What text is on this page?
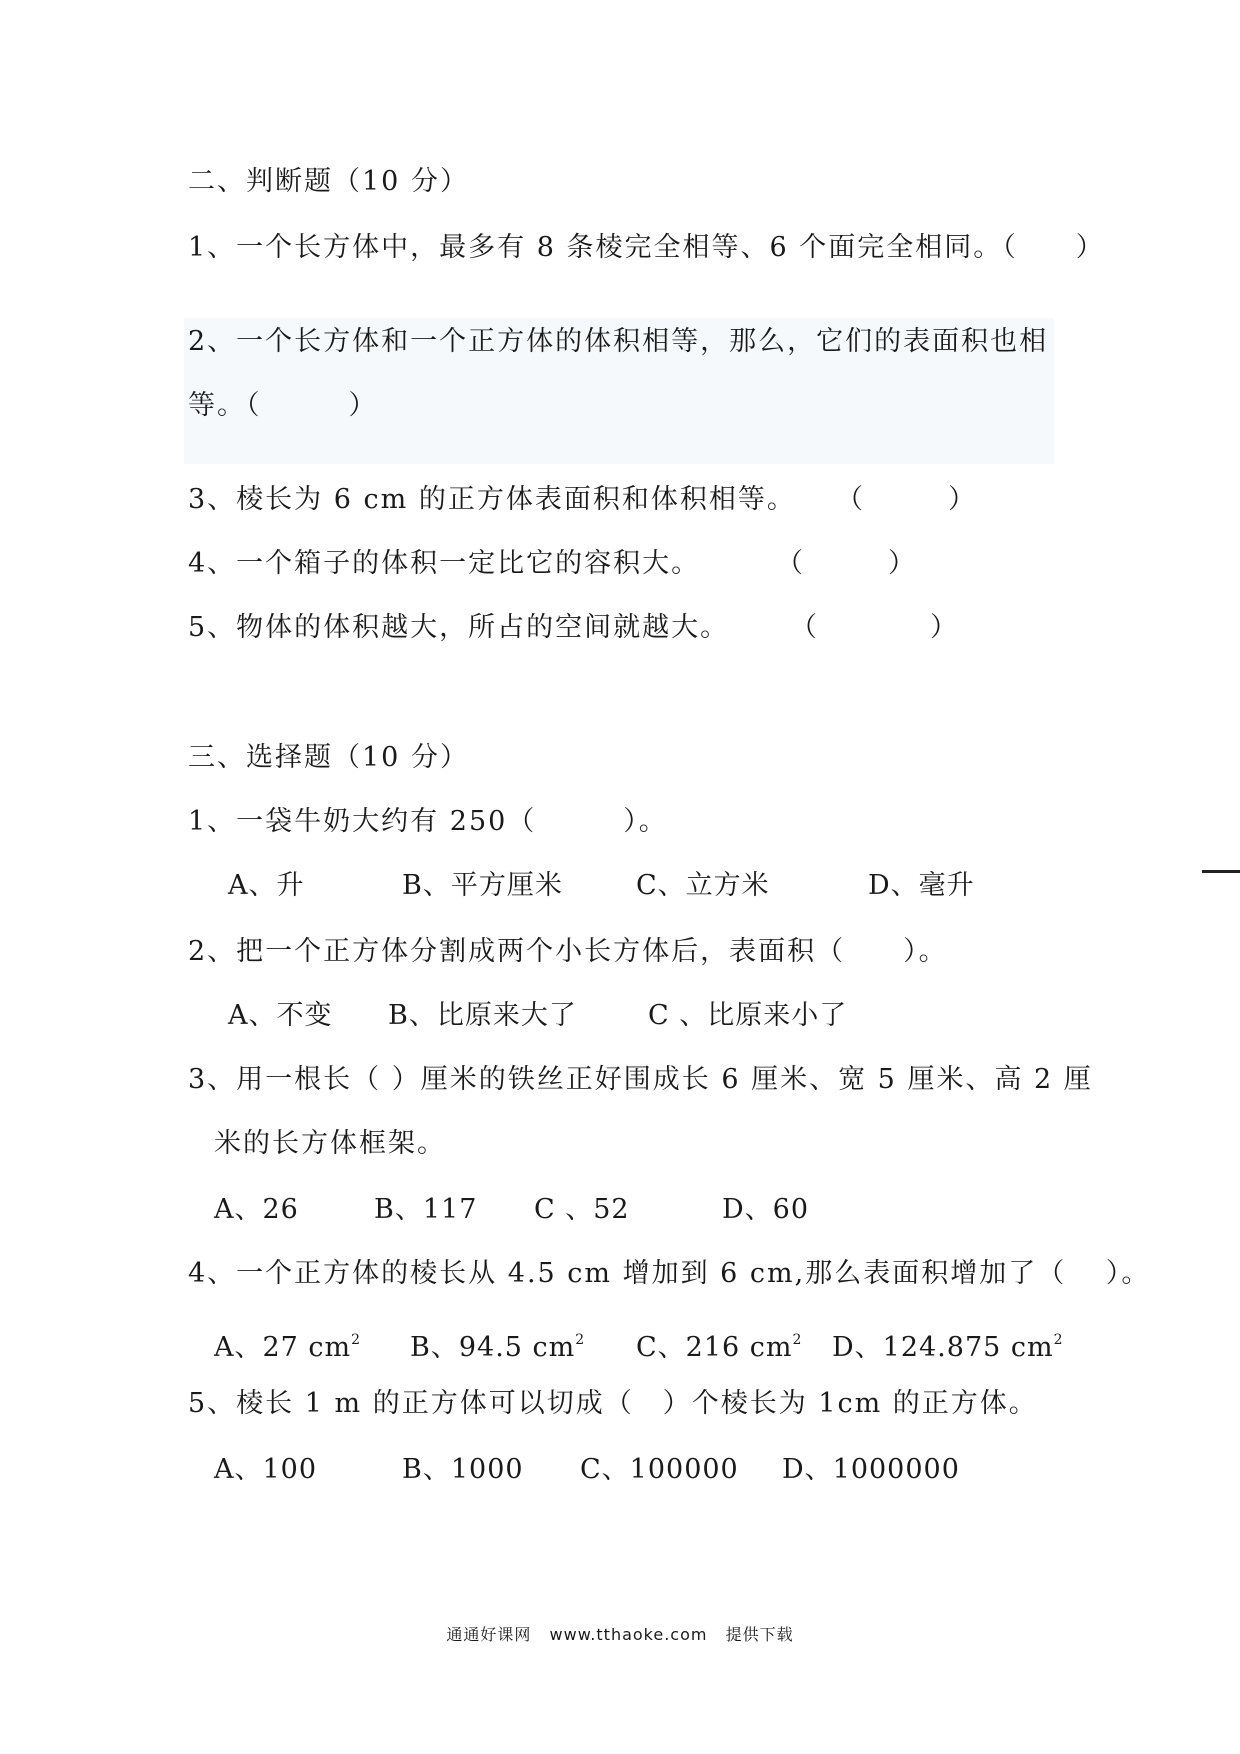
二、判断题（10 分）
1、一个长方体中，最多有 8 条棱完全相等、6 个面完全相同。（　　）
2、一个长方体和一个正方体的体积相等，那么，它们的表面积也相
等。（　　　）
3、棱长为 6 cm 的正方体表面积和体积相等。 （　　　）
4、一个箱子的体积一定比它的容积大。	（　　　）
5、物体的体积越大，所占的空间就越大。 （　　　　）
三、选择题（10 分）
1、一袋牛奶大约有 250（　　　）。
A、升	B、平方厘米	C、立方米	D、毫升
2、把一个正方体分割成两个小长方体后，表面积（　　）。
A、不变 B、比原来大了	C 、比原来小了
3、用一根长（ ）厘米的铁丝正好围成长 6 厘米、宽 5 厘米、高 2 厘
米的长方体框架。
A、26	B、117 C 、52	D、60
4、一个正方体的棱长从 4.5 cm 增加到 6 cm,那么表面积增加了（　 ）。
A、27 $cm^2$ B、94.5 $cm^2$ C、216 $cm^2$ D、124.875 $cm^2$
5、棱长 1 m 的正方体可以切成（　）个棱长为 1cm 的正方体。
A、100	B、1000 C、100000 D、1000000
通通好课网 www.tthaoke.com 提供下载
